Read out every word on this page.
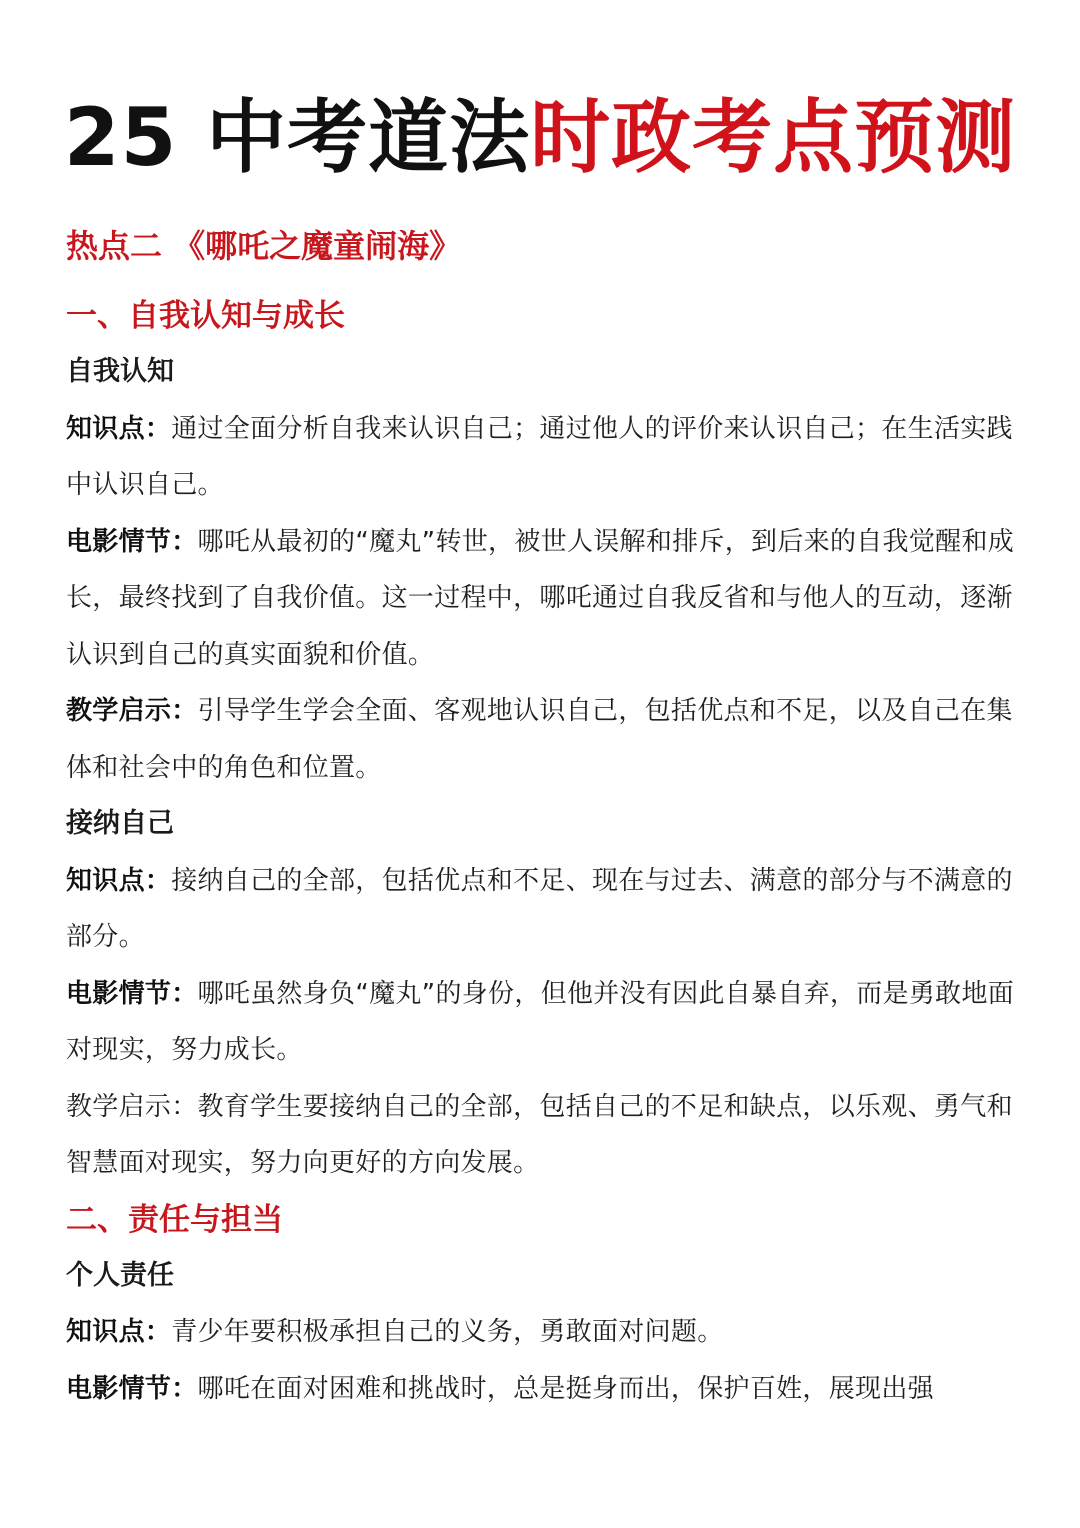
25 中考道法时政考点预测
热点二 《哪吒之魔童闹海》
一、自我认知与成长
自我认知
知识点：通过全面分析自我来认识自己；通过他人的评价来认识自己；在生活实践中认识自己。
电影情节：哪吒从最初的“魔丸”转世，被世人误解和排斥，到后来的自我觉醒和成长，最终找到了自我价值。这一过程中，哪吒通过自我反省和与他人的互动，逐渐认识到自己的真实面貌和价值。
教学启示：引导学生学会全面、客观地认识自己，包括优点和不足，以及自己在集体和社会中的角色和位置。
接纳自己
知识点：接纳自己的全部，包括优点和不足、现在与过去、满意的部分与不满意的部分。
电影情节：哪吒虽然身负“魔丸”的身份，但他并没有因此自暴自弃，而是勇敢地面对现实，努力成长。
教学启示：教育学生要接纳自己的全部，包括自己的不足和缺点，以乐观、勇气和智慧面对现实，努力向更好的方向发展。
二、责任与担当
个人责任
知识点：青少年要积极承担自己的义务，勇敢面对问题。
电影情节：哪吒在面对困难和挑战时，总是挺身而出，保护百姓，展现出强
